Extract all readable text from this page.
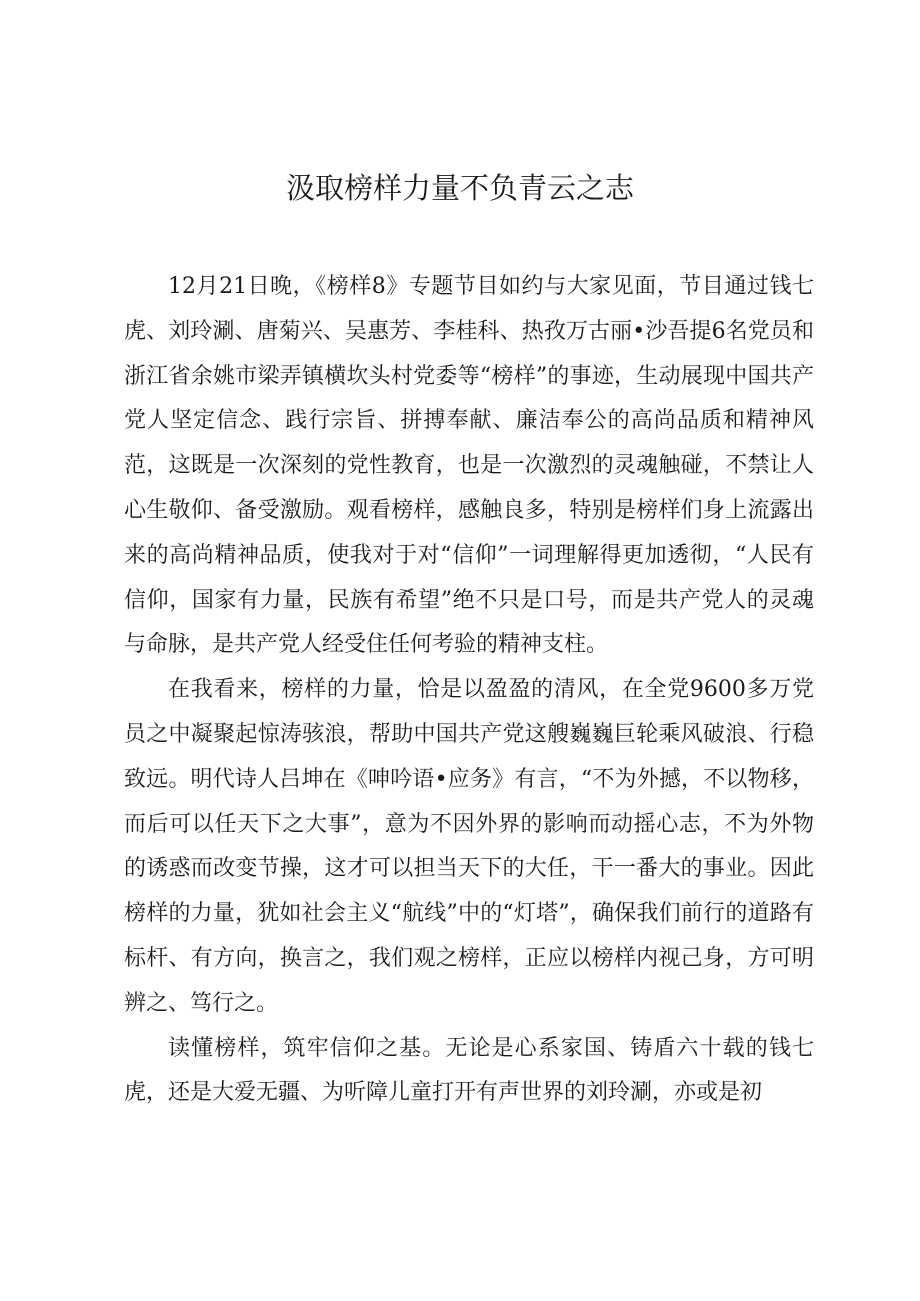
汲取榜样力量不负青云之志

12月21日晚，《榜样8》专题节目如约与大家见面，节目通过钱七虎、刘玲涮、唐菊兴、吴惠芳、李桂科、热孜万古丽•沙吾提6名党员和浙江省余姚市梁弄镇横坎头村党委等“榜样”的事迹，生动展现中国共产党人坚定信念、践行宗旨、拼搏奉献、廉洁奉公的高尚品质和精神风范，这既是一次深刻的党性教育，也是一次激烈的灵魂触碰，不禁让人心生敬仰、备受激励。观看榜样，感触良多，特别是榜样们身上流露出来的高尚精神品质，使我对于对“信仰”一词理解得更加透彻，“人民有信仰，国家有力量，民族有希望”绝不只是口号，而是共产党人的灵魂与命脉，是共产党人经受住任何考验的精神支柱。

在我看来，榜样的力量，恰是以盈盈的清风，在全党9600多万党员之中凝聚起惊涛骇浪，帮助中国共产党这艘巍巍巨轮乘风破浪、行稳致远。明代诗人吕坤在《呻吟语•应务》有言，“不为外撼，不以物移，而后可以任天下之大事”，意为不因外界的影响而动摇心志，不为外物的诱惑而改变节操，这才可以担当天下的大任，干一番大的事业。因此榜样的力量，犹如社会主义“航线”中的“灯塔”，确保我们前行的道路有标杆、有方向，换言之，我们观之榜样，正应以榜样内视己身，方可明辨之、笃行之。

读懂榜样，筑牢信仰之基。无论是心系家国、铸盾六十载的钱七虎，还是大爱无疆、为听障儿童打开有声世界的刘玲涮，亦或是初
